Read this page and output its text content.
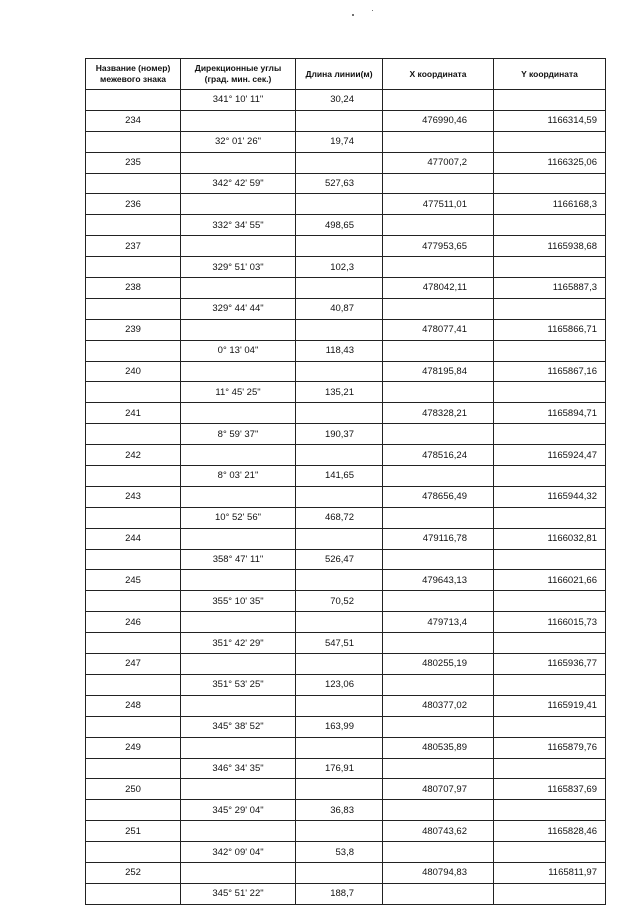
Название (номер) межевого знака	Дирекционные углы (град. мин. сек.)	Длина линии(м)	X координата	Y координата
	341° 10' 11"	30,24		
234			476990,46	1166314,59
	32° 01' 26"	19,74		
235			477007,2	1166325,06
	342° 42' 59"	527,63		
236			477511,01	1166168,3
	332° 34' 55"	498,65		
237			477953,65	1165938,68
	329° 51' 03"	102,3		
238			478042,11	1165887,3
	329° 44' 44"	40,87		
239			478077,41	1165866,71
	0° 13' 04"	118,43		
240			478195,84	1165867,16
	11° 45' 25"	135,21		
241			478328,21	1165894,71
	8° 59' 37"	190,37		
242			478516,24	1165924,47
	8° 03' 21"	141,65		
243			478656,49	1165944,32
	10° 52' 56"	468,72		
244			479116,78	1166032,81
	358° 47' 11"	526,47		
245			479643,13	1166021,66
	355° 10' 35"	70,52		
246			479713,4	1166015,73
	351° 42' 29"	547,51		
247			480255,19	1165936,77
	351° 53' 25"	123,06		
248			480377,02	1165919,41
	345° 38' 52"	163,99		
249			480535,89	1165879,76
	346° 34' 35"	176,91		
250			480707,97	1165837,69
	345° 29' 04"	36,83		
251			480743,62	1165828,46
	342° 09' 04"	53,8		
252			480794,83	1165811,97
	345° 51' 22"	188,7		
